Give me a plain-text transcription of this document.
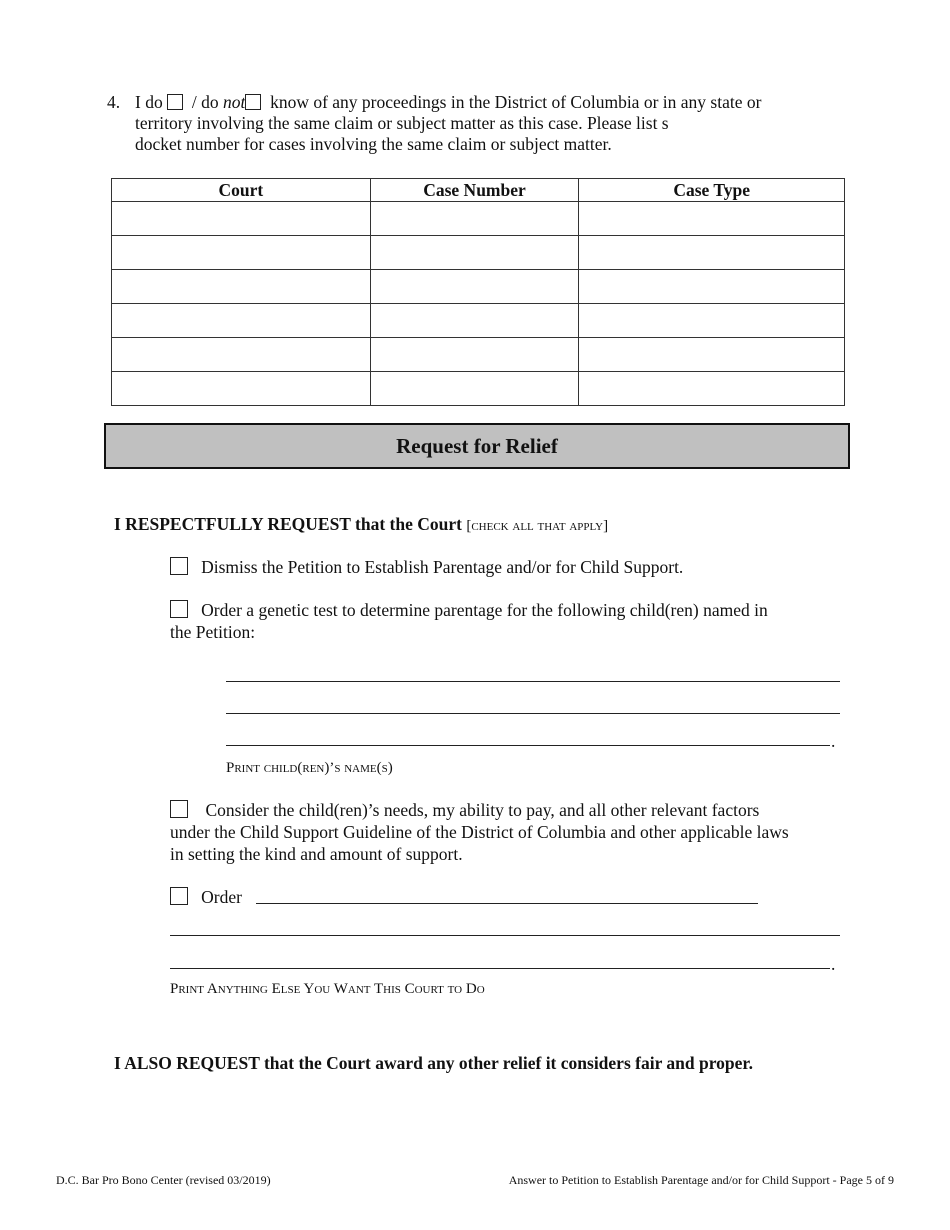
4. I do / do not know of any proceedings in the District of Columbia or in any state or
territory involving the same claim or subject matter as this case. Please list s
docket number for cases involving the same claim or subject matter.
Court	Case Number	Case Type

Request for Relief
I RESPECTFULLY REQUEST that the Court [check all that apply]
Dismiss the Petition to Establish Parentage and/or for Child Support.
Order a genetic test to determine parentage for the following child(ren) named in
the Petition:
.
Print child(ren)’s name(s)
Consider the child(ren)’s needs, my ability to pay, and all other relevant factors
under the Child Support Guideline of the District of Columbia and other applicable laws
in setting the kind and amount of support.
Order
.
Print Anything Else You Want This Court to Do
I ALSO REQUEST that the Court award any other relief it considers fair and proper.
D.C. Bar Pro Bono Center (revised 03/2019)	Answer to Petition to Establish Parentage and/or for Child Support - Page 5 of 9
